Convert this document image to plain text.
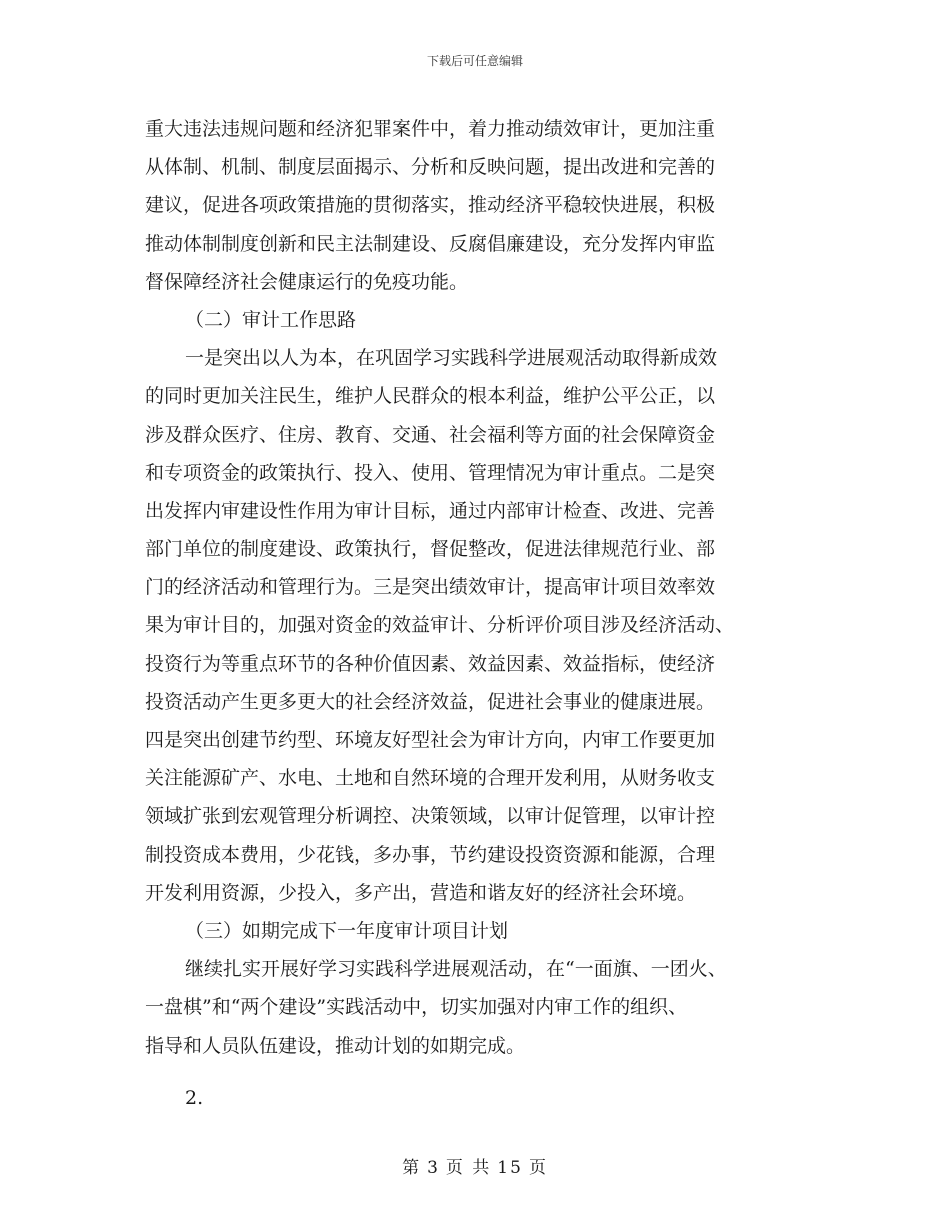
下载后可任意编辑
重大违法违规问题和经济犯罪案件中，着力推动绩效审计，更加注重
从体制、机制、制度层面揭示、分析和反映问题，提出改进和完善的
建议，促进各项政策措施的贯彻落实，推动经济平稳较快进展，积极
推动体制制度创新和民主法制建设、反腐倡廉建设，充分发挥内审监
督保障经济社会健康运行的免疫功能。
（二）审计工作思路
一是突出以人为本，在巩固学习实践科学进展观活动取得新成效
的同时更加关注民生，维护人民群众的根本利益，维护公平公正，以
涉及群众医疗、住房、教育、交通、社会福利等方面的社会保障资金
和专项资金的政策执行、投入、使用、管理情况为审计重点。二是突
出发挥内审建设性作用为审计目标，通过内部审计检查、改进、完善
部门单位的制度建设、政策执行，督促整改，促进法律规范行业、部
门的经济活动和管理行为。三是突出绩效审计，提高审计项目效率效
果为审计目的，加强对资金的效益审计、分析评价项目涉及经济活动、
投资行为等重点环节的各种价值因素、效益因素、效益指标，使经济
投资活动产生更多更大的社会经济效益，促进社会事业的健康进展。
四是突出创建节约型、环境友好型社会为审计方向，内审工作要更加
关注能源矿产、水电、土地和自然环境的合理开发利用，从财务收支
领域扩张到宏观管理分析调控、决策领域，以审计促管理，以审计控
制投资成本费用，少花钱，多办事，节约建设投资资源和能源，合理
开发利用资源，少投入，多产出，营造和谐友好的经济社会环境。
（三）如期完成下一年度审计项目计划
继续扎实开展好学习实践科学进展观活动，在“一面旗、一团火、
一盘棋”和“两个建设”实践活动中，切实加强对内审工作的组织、
指导和人员队伍建设，推动计划的如期完成。
2.
第 3 页 共 15 页
